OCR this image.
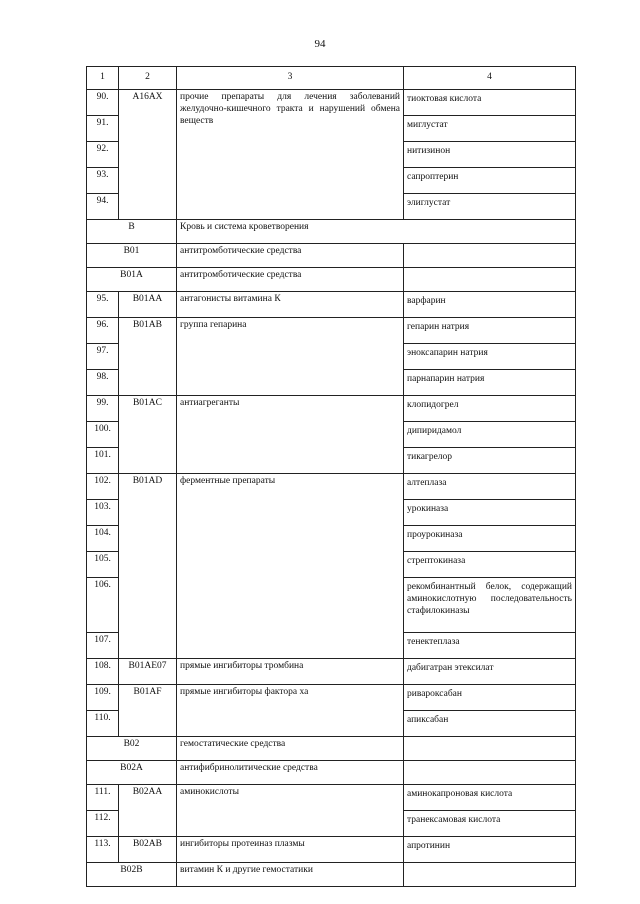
94
1	2	3	4
90.	A16AX	прочие препараты для лечения заболеваний желудочно-кишечного тракта и нарушений обмена веществ	тиоктовая кислота
91.			миглустат
92.			нитизинон
93.			сапроптерин
94.			элиглустат
B		Кровь и система кроветворения	
B01		антитромботические средства	
B01A		антитромботические средства	
95.	B01AA	антагонисты витамина К	варфарин
96.	B01AB	группа гепарина	гепарин натрия
97.			эноксапарин натрия
98.			парнапарин натрия
99.	B01AC	антиагреганты	клопидогрел
100.			дипиридамол
101.			тикагрелор
102.	B01AD	ферментные препараты	алтеплаза
103.			урокиназа
104.			проурокиназа
105.			стрептокиназа
106.			рекомбинантный белок, содержащий аминокислотную последовательность стафилокиназы
107.			тенектеплаза
108.	B01AE07	прямые ингибиторы тромбина	дабигатран этексилат
109.	B01AF	прямые ингибиторы фактора ха	ривароксабан
110.			апиксабан
B02		гемостатические средства	
B02A		антифибринолитические средства	
111.	B02AA	аминокислоты	аминокапроновая кислота
112.			транексамовая кислота
113.	B02AB	ингибиторы протеиназ плазмы	апротинин
B02B		витамин К и другие гемостатики	
